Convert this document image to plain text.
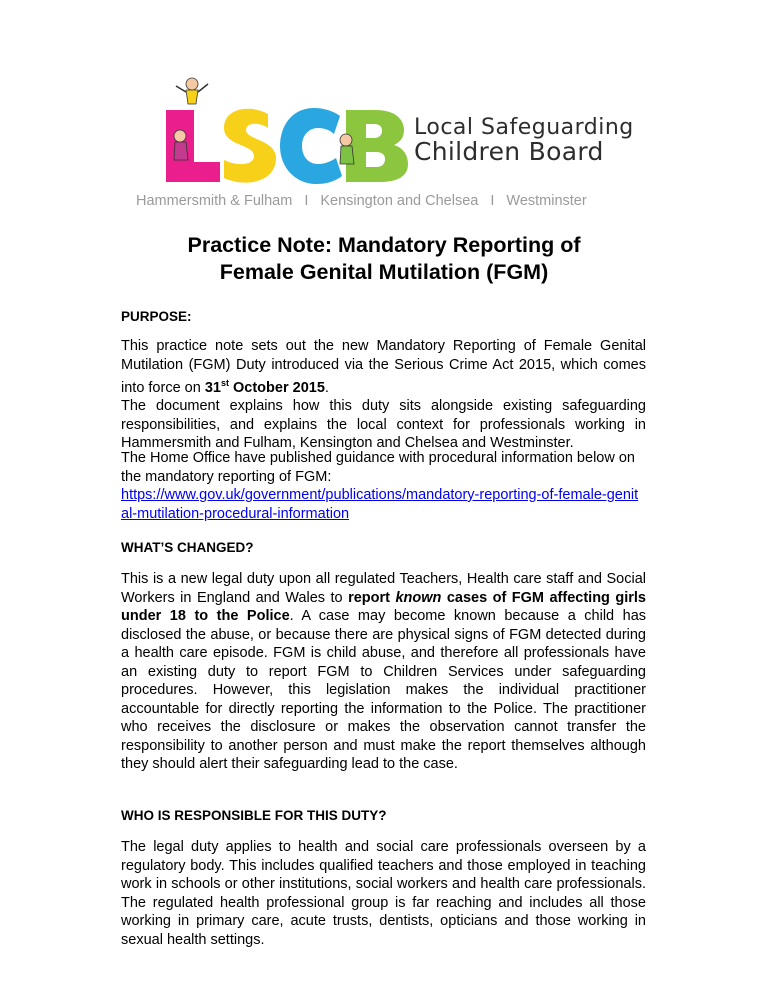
Local Safeguarding
Children Board
Hammersmith & Fulham I Kensington and Chelsea I Westminster
Practice Note: Mandatory Reporting of
Female Genital Mutilation (FGM)
PURPOSE:

This practice note sets out the new Mandatory Reporting of Female Genital Mutilation (FGM) Duty introduced via the Serious Crime Act 2015, which comes into force on 31st October 2015.

The document explains how this duty sits alongside existing safeguarding responsibilities, and explains the local context for professionals working in Hammersmith and Fulham, Kensington and Chelsea and Westminster.

The Home Office have published guidance with procedural information below on the mandatory reporting of FGM:
https://www.gov.uk/government/publications/mandatory-reporting-of-female-genital-mutilation-procedural-information
WHAT’S CHANGED?

This is a new legal duty upon all regulated Teachers, Health care staff and Social Workers in England and Wales to report known cases of FGM affecting girls under 18 to the Police. A case may become known because a child has disclosed the abuse, or because there are physical signs of FGM detected during a health care episode. FGM is child abuse, and therefore all professionals have an existing duty to report FGM to Children Services under safeguarding procedures. However, this legislation makes the individual practitioner accountable for directly reporting the information to the Police. The practitioner who receives the disclosure or makes the observation cannot transfer the responsibility to another person and must make the report themselves although they should alert their safeguarding lead to the case.

WHO IS RESPONSIBLE FOR THIS DUTY?

The legal duty applies to health and social care professionals overseen by a regulatory body. This includes qualified teachers and those employed in teaching work in schools or other institutions, social workers and health care professionals. The regulated health professional group is far reaching and includes all those working in primary care, acute trusts, dentists, opticians and those working in sexual health settings.
